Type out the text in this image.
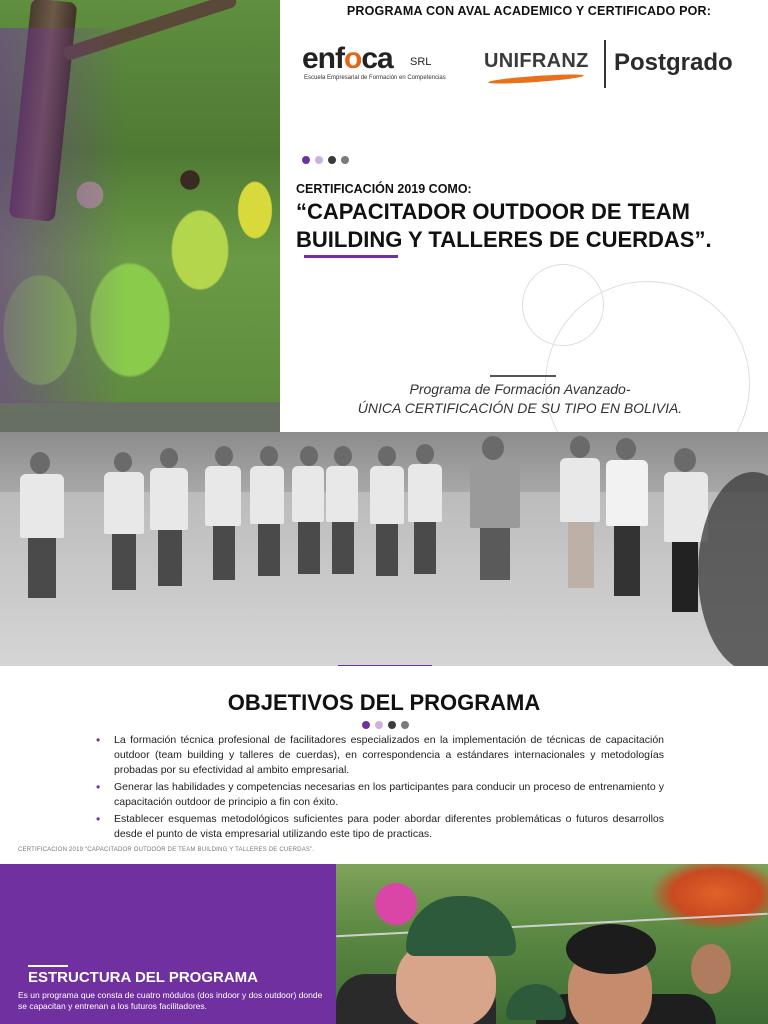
PROGRAMA CON AVAL ACADEMICO Y CERTIFICADO POR:
enfoca SRL
Escuela Empresarial de Formación en Competencias
UNIFRANZ Postgrado
CERTIFICACIÓN 2019 COMO:
“CAPACITADOR OUTDOOR DE TEAM BUILDING Y TALLERES DE CUERDAS”.
Programa de Formación Avanzado-
ÚNICA CERTIFICACIÓN DE SU TIPO EN BOLIVIA.
OBJETIVOS DEL PROGRAMA
• La formación técnica profesional de facilitadores especializados en la implementación de técnicas de capacitación outdoor (team building y talleres de cuerdas), en correspondencia a estándares internacionales y metodologías probadas por su efectividad al ambito empresarial.
• Generar las habilidades y competencias necesarias en los participantes para conducir un proceso de entrenamiento y capacitación outdoor de principio a fin con éxito.
• Establecer esquemas metodológicos suficientes para poder abordar diferentes problemáticas o futuros desarrollos desde el punto de vista empresarial utilizando este tipo de practicas.
CERTIFICACION 2019 “CAPACITADOR OUTDOOR DE TEAM BUILDING Y TALLERES DE CUERDAS”.
ESTRUCTURA DEL PROGRAMA
Es un programa que consta de cuatro módulos (dos indoor y dos outdoor) donde se capacitan y entrenan a los futuros facilitadores.
